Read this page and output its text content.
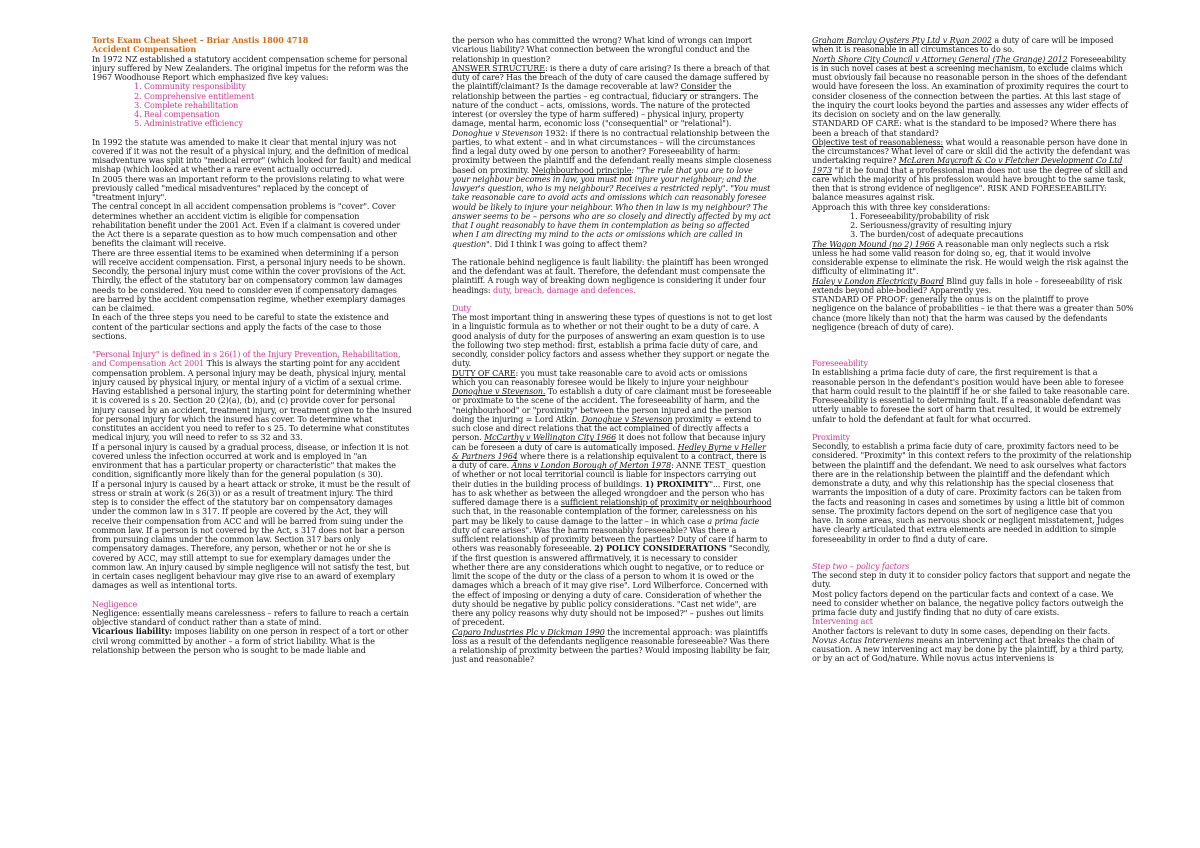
Torts Exam Cheat Sheet – Briar Anstis 1800 4718

Accident Compensation

In 1972 NZ established a statutory accident compensation scheme for personal injury suffered by New Zealanders. The original impetus for the reform was the 1967 Woodhouse Report which emphasized five key values:

1. Community responsibility
2. Comprehensive entitlement
3. Complete rehabilitation
4. Real compensation
5. Administrative efficiency

In 1992 the statute was amended to make it clear that mental injury was not covered if it was not the result of a physical injury, and the definition of medical misadventure was split into "medical error" (which looked for fault) and medical mishap (which looked at whether a rare event actually occurred).

In 2005 there was an important reform to the provisions relating to what were previously called "medical misadventures" replaced by the concept of "treatment injury".

The central concept in all accident compensation problems is "cover". Cover determines whether an accident victim is eligible for compensation rehabilitation benefit under the 2001 Act. Even if a claimant is covered under the Act there is a separate question as to how much compensation and other benefits the claimant will receive.

There are three essential items to be examined when determining if a person will receive accident compensation. First, a personal injury needs to be shown. Secondly, the personal injury must come within the cover provisions of the Act. Thirdly, the effect of the statutory bar on compensatory common law damages needs to be considered. You need to consider even if compensatory damages are barred by the accident compensation regime, whether exemplary damages can be claimed.

In each of the three steps you need to be careful to state the existence and content of the particular sections and apply the facts of the case to those sections.

"Personal Injury" is defined in s 26(1) of the Injury Prevention, Rehabilitation, and Compensation Act 2001 This is always the starting point for any accident compensation problem. A personal injury may be death, physical injury, mental injury caused by physical injury, or mental injury of a victim of a sexual crime.

Having established a personal injury, the starting point for determining whether it is covered is s 20. Section 20 (2)(a), (b), and (c) provide cover for personal injury caused by an accident, treatment injury, or treatment given to the insured for personal injury for which the insured has cover. To determine what constitutes an accident you need to refer to s 25. To determine what constitutes medical injury, you will need to refer to ss 32 and 33.

If a personal injury is caused by a gradual process, disease, or infection it is not covered unless the infection occurred at work and is employed in "an environment that has a particular property or characteristic" that makes the condition, significantly more likely than for the general population (s 30).

If a personal injury is caused by a heart attack or stroke, it must be the result of stress or strain at work (s 26(3)) or as a result of treatment injury. The third step is to consider the effect of the statutory bar on compensatory damages under the common law in s 317. If people are covered by the Act, they will receive their compensation from ACC and will be barred from suing under the common law. If a person is not covered by the Act, s 317 does not bar a person from pursuing claims under the common law. Section 317 bars only compensatory damages. Therefore, any person, whether or not he or she is covered by ACC, may still attempt to sue for exemplary damages under the common law. An injury caused by simple negligence will not satisfy the test, but in certain cases negligent behaviour may give rise to an award of exemplary damages as well as intentional torts.

Negligence

Negligence: essentially means carelessness – refers to failure to reach a certain objective standard of conduct rather than a state of mind.

Vicarious liability: imposes liability on one person in respect of a tort or other civil wrong committed by another – a form of strict liability. What is the relationship between the person who is sought to be made liable and

the person who has committed the wrong? What kind of wrongs can import vicarious liability? What connection between the wrongful conduct and the relationship in question?

ANSWER STRUCTURE: is there a duty of care arising? Is there a breach of that duty of care? Has the breach of the duty of care caused the damage suffered by the plaintiff/claimant? Is the damage recoverable at law? Consider the relationship between the parties – eg contractual, fiduciary or strangers. The nature of the conduct – acts, omissions, words. The nature of the protected interest (or oversley the type of harm suffered) – physical injury, property damage, mental harm, economic loss ("consequential" or "relational").

Donoghue v Stevenson 1932: if there is no contractual relationship between the parties, to what extent – and in what circumstances – will the circumstances find a legal duty owed by one person to another? Foreseeability of harm: proximity between the plaintiff and the defendant really means simple closeness based on proximity. Neighbourhood principle: "The rule that you are to love your neighbour becomes in law, you must not injure your neighbour; and the lawyer's question, who is my neighbour? Receives a restricted reply". "You must take reasonable care to avoid acts and omissions which can reasonably foresee would be likely to injure your neighbour. Who then in law is my neighbour? The answer seems to be – persons who are so closely and directly affected by my act that I ought reasonably to have them in contemplation as being so affected when I am directing my mind to the acts or omissions which are called in question". Did I think I was going to affect them?

The rationale behind negligence is fault liability: the plaintiff has been wronged and the defendant was at fault. Therefore, the defendant must compensate the plaintiff. A rough way of breaking down negligence is considering it under four headings: duty, breach, damage and defences.

Duty

The most important thing in answering these types of questions is not to get lost in a linguistic formula as to whether or not their ought to be a duty of care. A good analysis of duty for the purposes of answering an exam question is to use the following two step method: first, establish a prima facie duty of care, and secondly, consider policy factors and assess whether they support or negate the duty.

DUTY OF CARE: you must take reasonable care to avoid acts or omissions which you can reasonably foresee would be likely to injure your neighbour Donoghue v Stevenson. To establish a duty of care claimant must be foreseeable or proximate to the scene of the accident. The foreseeability of harm, and the "neighbourhood" or "proximity" between the person injured and the person doing the injuring = Lord Atkin. Donoghue v Stevenson proximity = extend to such close and direct relations that the act complained of directly affects a person. McCarthy v Wellington City 1966 it does not follow that because injury can be foreseen a duty of care is automatically imposed. Hedley Byrne v Heller & Partners 1964 where there is a relationship equivalent to a contract, there is a duty of care. Anns v London Borough of Merton 1978: ANNE TEST_ question of whether or not local territorial council is liable for inspectors carrying out their duties in the building process of buildings. 1) PROXIMITY"... First, one has to ask whether as between the alleged wrongdoer and the person who has suffered damage there is a sufficient relationship of proximity or neighbourhood such that, in the reasonable contemplation of the former, carelessness on his part may be likely to cause damage to the latter – in which case a prima facie duty of care arises". Was the harm reasonably foreseeable? Was there a sufficient relationship of proximity between the parties? Duty of care if harm to others was reasonably foreseeable. 2) POLICY CONSIDERATIONS "Secondly, if the first question is answered affirmatively, it is necessary to consider whether there are any considerations which ought to negative, or to reduce or limit the scope of the duty or the class of a person to whom it is owed or the damages which a breach of it may give rise". Lord Wilberforce. Concerned with the effect of imposing or denying a duty of care. Consideration of whether the duty should be negative by public policy considerations. "Cast net wide", are there any policy reasons why duty should not be imposed?" – pushes out limits of precedent.

Caparo Industries Plc v Dickman 1990 the incremental approach: was plaintiffs loss as a result of the defendants negligence reasonable foreseeable? Was there a relationship of proximity between the parties? Would imposing liability be fair, just and reasonable?

Graham Barclay Oysters Pty Ltd v Ryan 2002 a duty of care will be imposed when it is reasonable in all circumstances to do so.

North Shore City Council v Attorney General (The Grange) 2012 Foreseeability is in such novel cases at best a screening mechanism, to exclude claims which must obviously fail because no reasonable person in the shoes of the defendant would have foreseen the loss. An examination of proximity requires the court to consider closeness of the connection between the parties. At this last stage of the inquiry the court looks beyond the parties and assesses any wider effects of its decision on society and on the law generally.

STANDARD OF CARE: what is the standard to be imposed? Where there has been a breach of that standard?

Objective test of reasonableness: what would a reasonable person have done in the circumstances? What level of care or skill did the activity the defendant was undertaking require? McLaren Maycroft & Co v Fletcher Development Co Ltd 1973 "if it be found that a professional man does not use the degree of skill and care which the majority of his profession would have brought to the same task, then that is strong evidence of negligence". RISK AND FORESEEABILITY: balance measures against risk.

Approach this with three key considerations:

1. Foreseeability/probability of risk
2. Seriousness/gravity of resulting injury
3. The burden/cost of adequate precautions

The Wagon Mound (no 2) 1966 A reasonable man only neglects such a risk unless he had some valid reason for doing so, eg, that it would involve considerable expense to eliminate the risk. He would weigh the risk against the difficulty of eliminating it".

Haley v London Electricity Board Blind guy falls in hole – foreseeability of risk extends beyond able-bodied? Apparently yes.

STANDARD OF PROOF: generally the onus is on the plaintiff to prove negligence on the balance of probabilities – ie that there was a greater than 50% chance (more likely than not) that the harm was caused by the defendants negligence (breach of duty of care).

Foreseeability

In establishing a prima facie duty of care, the first requirement is that a reasonable person in the defendant's position would have been able to foresee that harm could result to the plaintiff if he or she failed to take reasonable care. Foreseeability is essential to determining fault. If a reasonable defendant was utterly unable to foresee the sort of harm that resulted, it would be extremely unfair to hold the defendant at fault for what occurred.

Proximity

Secondly, to establish a prima facie duty of care, proximity factors need to be considered. "Proximity" in this context refers to the proximity of the relationship between the plaintiff and the defendant. We need to ask ourselves what factors there are in the relationship between the plaintiff and the defendant which demonstrate a duty, and why this relationship has the special closeness that warrants the imposition of a duty of care. Proximity factors can be taken from the facts and reasoning in cases and sometimes by using a little bit of common sense. The proximity factors depend on the sort of negligence case that you have. In some areas, such as nervous shock or negligent misstatement, Judges have clearly articulated that extra elements are needed in addition to simple foreseeability in order to find a duty of care.

Step two – policy factors

The second step in duty it to consider policy factors that support and negate the duty.

Most policy factors depend on the particular facts and context of a case. We need to consider whether on balance, the negative policy factors outweigh the prima facie duty and justify finding that no duty of care exists.

Intervening act

Another factors is relevant to duty in some cases, depending on their facts.

Novus Actus Interveniens means an intervening act that breaks the chain of causation. A new intervening act may be done by the plaintiff, by a third party, or by an act of God/nature. While novus actus interveniens is
